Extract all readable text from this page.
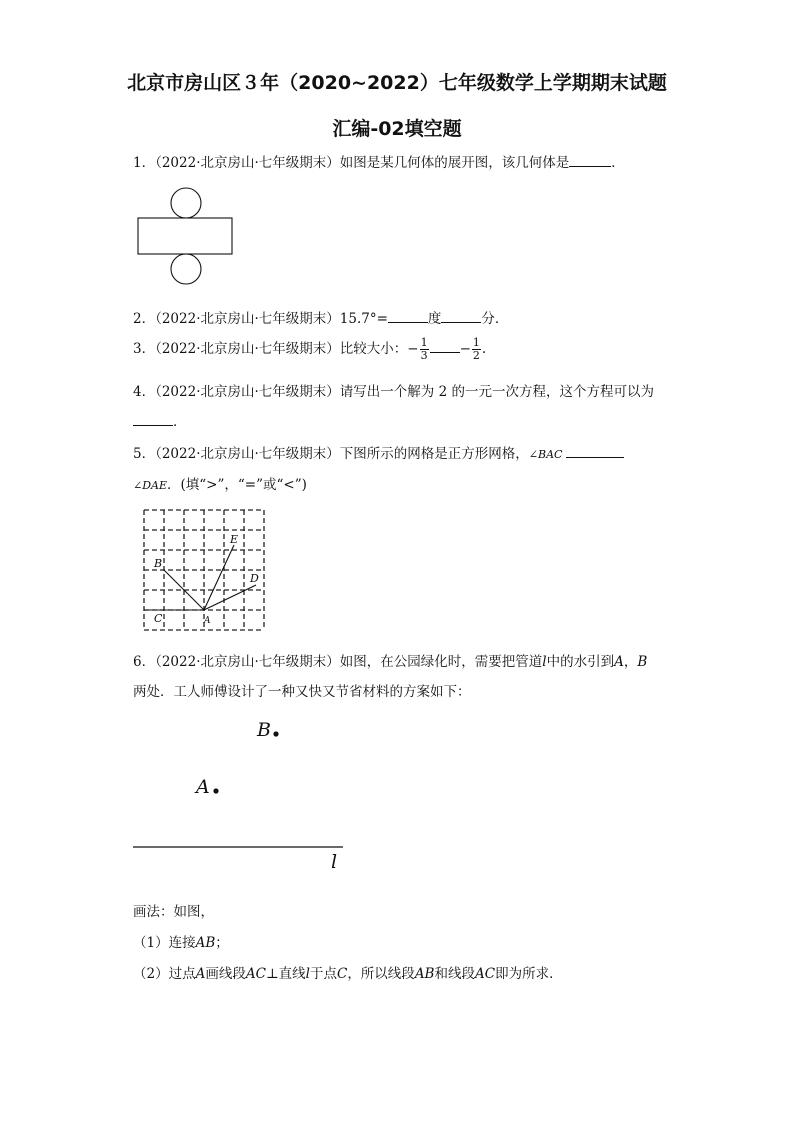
北京市房山区３年（2020~2022）七年级数学上学期期末试题
汇编-02填空题
1．（2022·北京房山·七年级期末）如图是某几何体的展开图，该几何体是	．
2．（2022·北京房山·七年级期末）15.7°=	度	分．
3．（2022·北京房山·七年级期末）比较大小：− $\frac{1}{3} - \frac{1}{2}$ .
4．（2022·北京房山·七年级期末）请写出一个解为 2 的一元一次方程，这个方程可以为
．
5．（2022·北京房山·七年级期末）下图所示的网格是正方形网格，∠BAC
∠DAE．(填“>”，“=”或“<”)
B
E
D
C	A
6．（2022·北京房山·七年级期末）如图，在公园绿化时，需要把管道l中的水引到A，B
两处．工人师傅设计了一种又快又节省材料的方案如下：
B
A
l
画法：如图，
（1）连接AB；
（2）过点A画线段AC⊥直线l于点C，所以线段AB和线段AC即为所求．
